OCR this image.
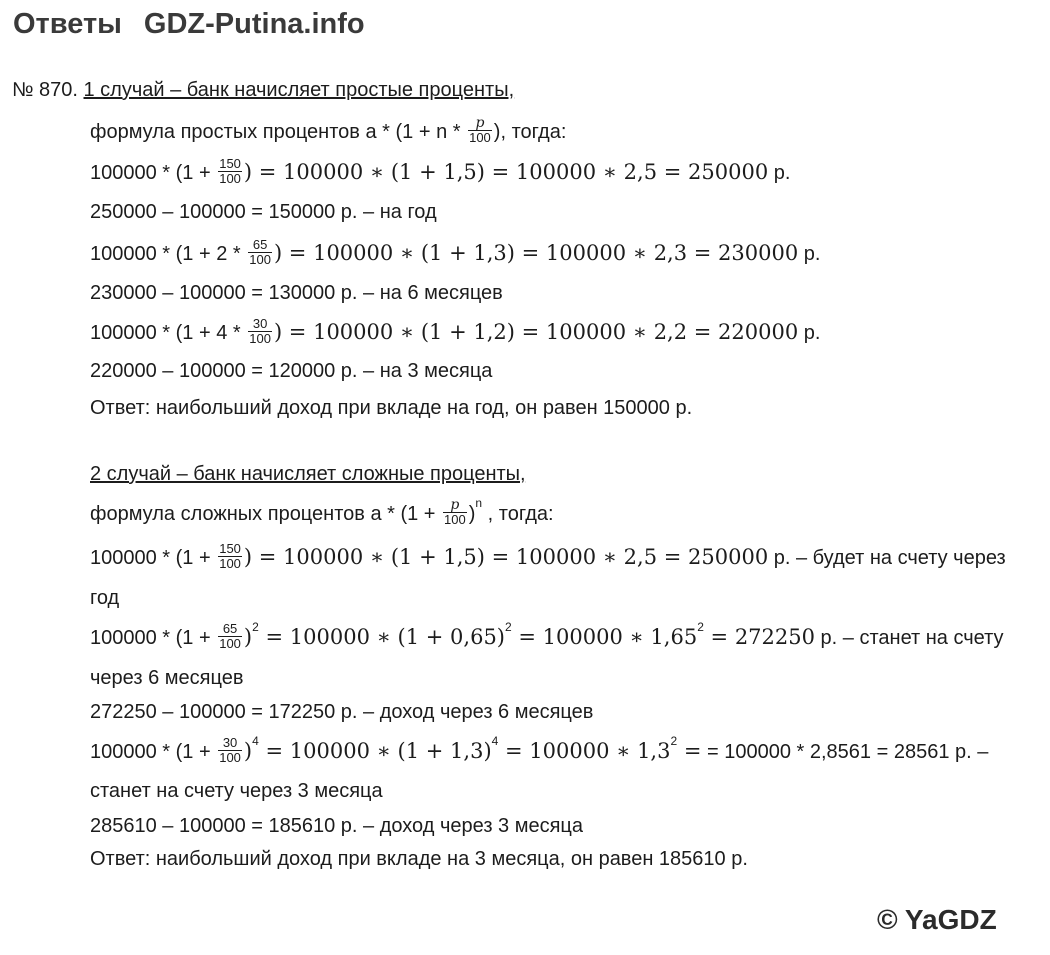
Ответы GDZ-Putina.info
№ 870. 1 случай – банк начисляет простые проценты,
формула простых процентов $a * (1 + n * \frac{p}{100}$ ), тогда:
$100000 * (1 + \frac{150}{100}$ ) = 100000 ∗ (1 + 1,5) = 100000 ∗ 2,5 = 250000 р.
250000 – 100000 = 150000 р. – на год
$100000 * (1 + 2 * \frac{65}{100}$ ) = 100000 ∗ (1 + 1,3) = 100000 ∗ 2,3 = 230000 р.
230000 – 100000 = 130000 р. – на 6 месяцев
$100000 * (1 + 4 * \frac{30}{100}$ ) = 100000 ∗ (1 + 1,2) = 100000 ∗ 2,2 = 220000 р.
220000 – 100000 = 120000 р. – на 3 месяца
Ответ: наибольший доход при вкладе на год, он равен 150000 р.
2 случай – банк начисляет сложные проценты,
формула сложных процентов $a * (1 + \frac{p}{100} )^n$ , тогда:
$100000 * (1 + \frac{150}{100}$ ) = 100000 ∗ (1 + 1,5) = 100000 ∗ 2,5 = 250000 р. – будет на счету через
год
$100000 * (1 + \frac{65}{100} )^2 = 100000$ ∗ $(1 + 0,65)^2 = 100000$ ∗ $1,65^2 = 272250$ р. – станет на счету
через 6 месяцев
272250 – 100000 = 172250 р. – доход через 6 месяцев
$100000 * (1 + \frac{30}{100} )^4 = 100000$ ∗ $(1 + 1,3)^4 = 100000$ ∗ $1,3^2$ = = 100000 * 2,8561 = 28561 р. –
станет на счету через 3 месяца
285610 – 100000 = 185610 р. – доход через 3 месяца
Ответ: наибольший доход при вкладе на 3 месяца, он равен 185610 р.
© YaGDZ
